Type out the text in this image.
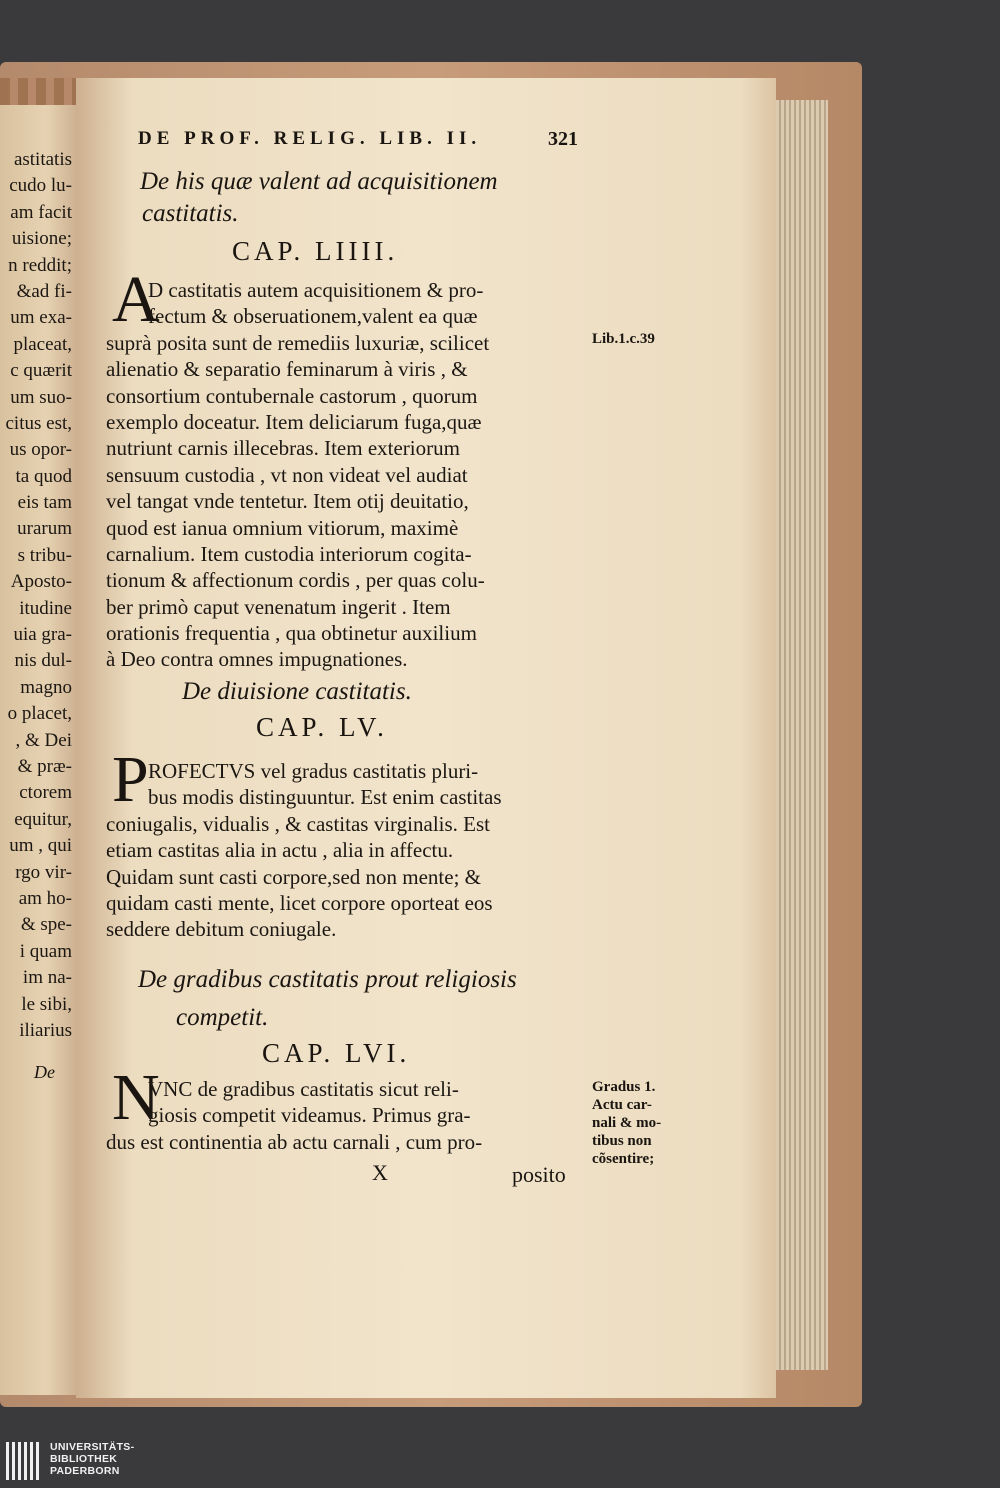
astitatis
cudo lu-
am facit
uisione;
n reddit;
&ad fi-
um exa-
placeat,
c quærit
um suo-
citus est,
us opor-
ta quod
eis tam
urarum
s tribu-
Aposto-
itudine
uia gra-
nis dul-
magno
o placet,
, & Dei
& præ-
ctorem
equitur,
um , qui
rgo vir-
am ho-
& spe-
i quam
im na-
le sibi,
iliarius
DE PROF. RELIG. LIB. II.	321
De his quæ valent ad acquisitionem
castitatis.
CAP. LIIII.
A
D castitatis autem acquisitionem & pro-
fectum & obseruationem,valent ea quæ
suprà posita sunt de remediis luxuriæ, scilicet
alienatio & separatio feminarum à viris , &
consortium contubernale castorum , quorum
exemplo doceatur. Item deliciarum fuga,quæ
nutriunt carnis illecebras. Item exteriorum
sensuum custodia , vt non videat vel audiat
vel tangat vnde tentetur. Item otij deuitatio,
quod est ianua omnium vitiorum, maximè
carnalium. Item custodia interiorum cogita-
tionum & affectionum cordis , per quas colu-
ber primò caput venenatum ingerit . Item
orationis frequentia , qua obtinetur auxilium
à Deo contra omnes impugnationes.
Lib.1.c.39
De diuisione castitatis.
CAP. LV.
P ROFECTVS vel gradus castitatis pluri-
bus modis distinguuntur. Est enim castitas
coniugalis, vidualis , & castitas virginalis. Est
etiam castitas alia in actu , alia in affectu.
Quidam sunt casti corpore,sed non mente; &
quidam casti mente, licet corpore oporteat eos
seddere debitum coniugale.
De gradibus castitatis prout religiosis
competit.
CAP. LVI.
N
VNC de gradibus castitatis sicut reli-
giosis competit videamus. Primus gra-
dus est continentia ab actu carnali , cum pro-
Gradus 1.
Actu car-
nali & mo-
tibus non
cõsentire;
X	posito
De
UNIVERSITÄTS-
BIBLIOTHEK
PADERBORN
